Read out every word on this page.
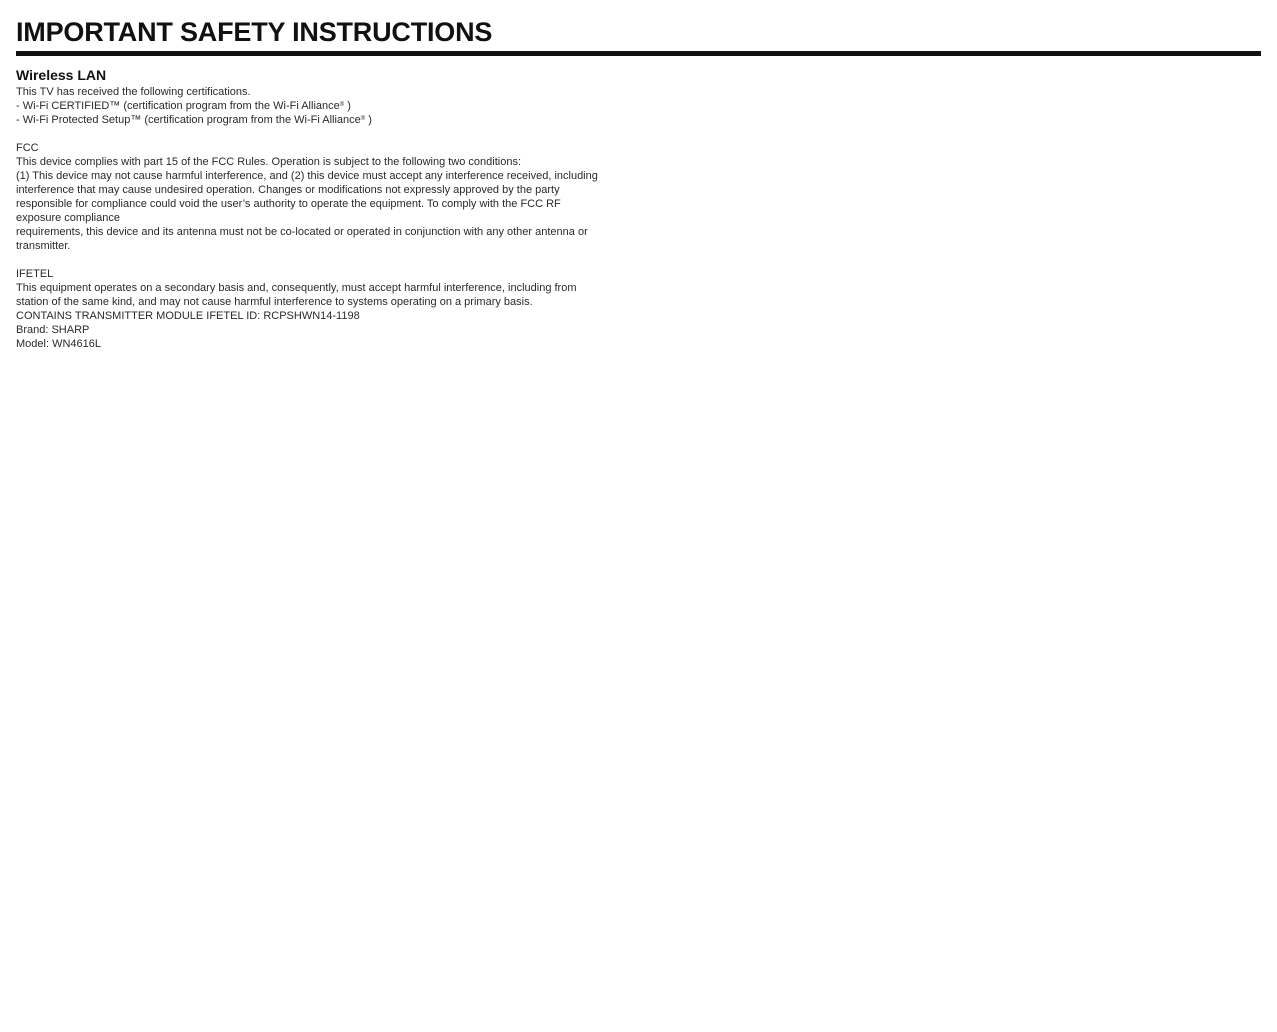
IMPORTANT SAFETY INSTRUCTIONS
Wireless LAN
This TV has received the following certifications.
- Wi-Fi CERTIFIED™ (certification program from the Wi-Fi Alliance® )
- Wi-Fi Protected Setup™ (certification program from the Wi-Fi Alliance® )
FCC
This device complies with part 15 of the FCC Rules. Operation is subject to the following two conditions:
(1) This device may not cause harmful interference, and (2) this device must accept any interference received, including
interference that may cause undesired operation. Changes or modifications not expressly approved by the party
responsible for compliance could void the user’s authority to operate the equipment. To comply with the FCC RF
exposure compliance
requirements, this device and its antenna must not be co-located or operated in conjunction with any other antenna or
transmitter.
IFETEL
This equipment operates on a secondary basis and, consequently, must accept harmful interference, including from
station of the same kind, and may not cause harmful interference to systems operating on a primary basis.
CONTAINS TRANSMITTER MODULE IFETEL ID: RCPSHWN14-1198
Brand: SHARP
Model: WN4616L
